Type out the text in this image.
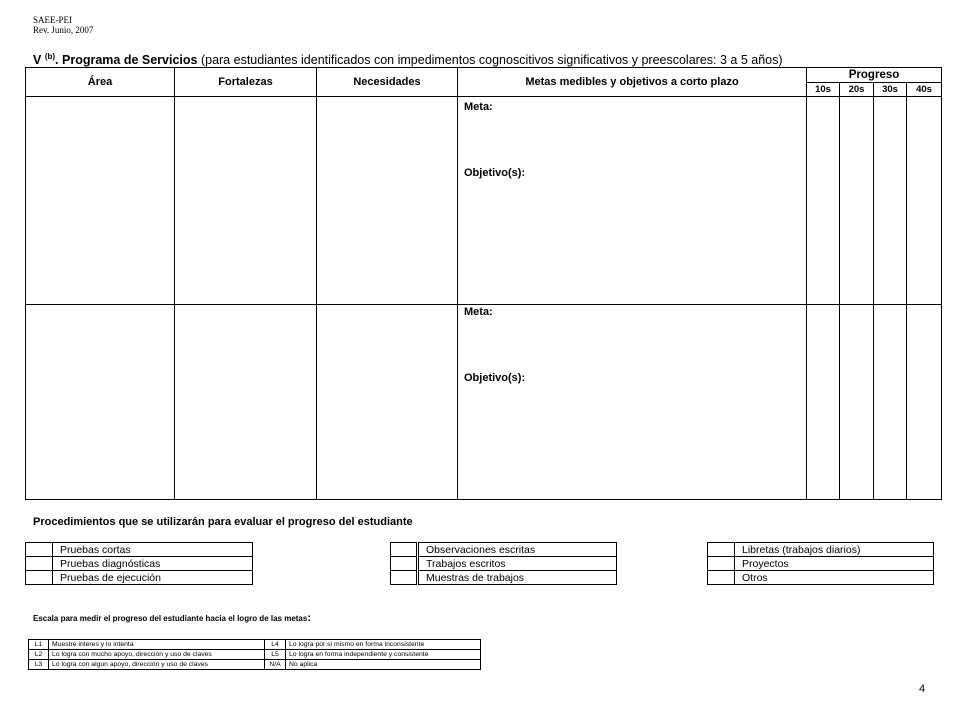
SAEE-PEI
Rev. Junio, 2007
V $^{(b)}$. Programa de Servicios (para estudiantes identificados con impedimentos cognoscitivos significativos y preescolares: 3 a 5 años)
Área	Fortalezas	Necesidades	Metas medibles y objetivos a corto plazo	Progreso			
				10s	20s	30s	40s

			Meta:
Objetivo(s):				

			Meta:
Objetivo(s):				

Procedimientos que se utilizarán para evaluar el progreso del estudiante
	Pruebas cortas
	Pruebas diagnósticas
	Pruebas de ejecución
	Observaciones escritas
	Trabajos escritos
	Muestras de trabajos
	Libretas (trabajos diarios)
	Proyectos
	Otros
Escala para medir el progreso del estudiante hacia el logro de las metas:
L1	Muestre interes y lo intenta	L4	Lo logra por si mismo en forma inconsistente
L2	Lo logra con mucho apoyo, dirección y uso de claves	L5	Lo logra en forma independiente y consistente
L3	Lo logra con algun apoyo, dirección y uso de claves	N/A	No aplica
4
